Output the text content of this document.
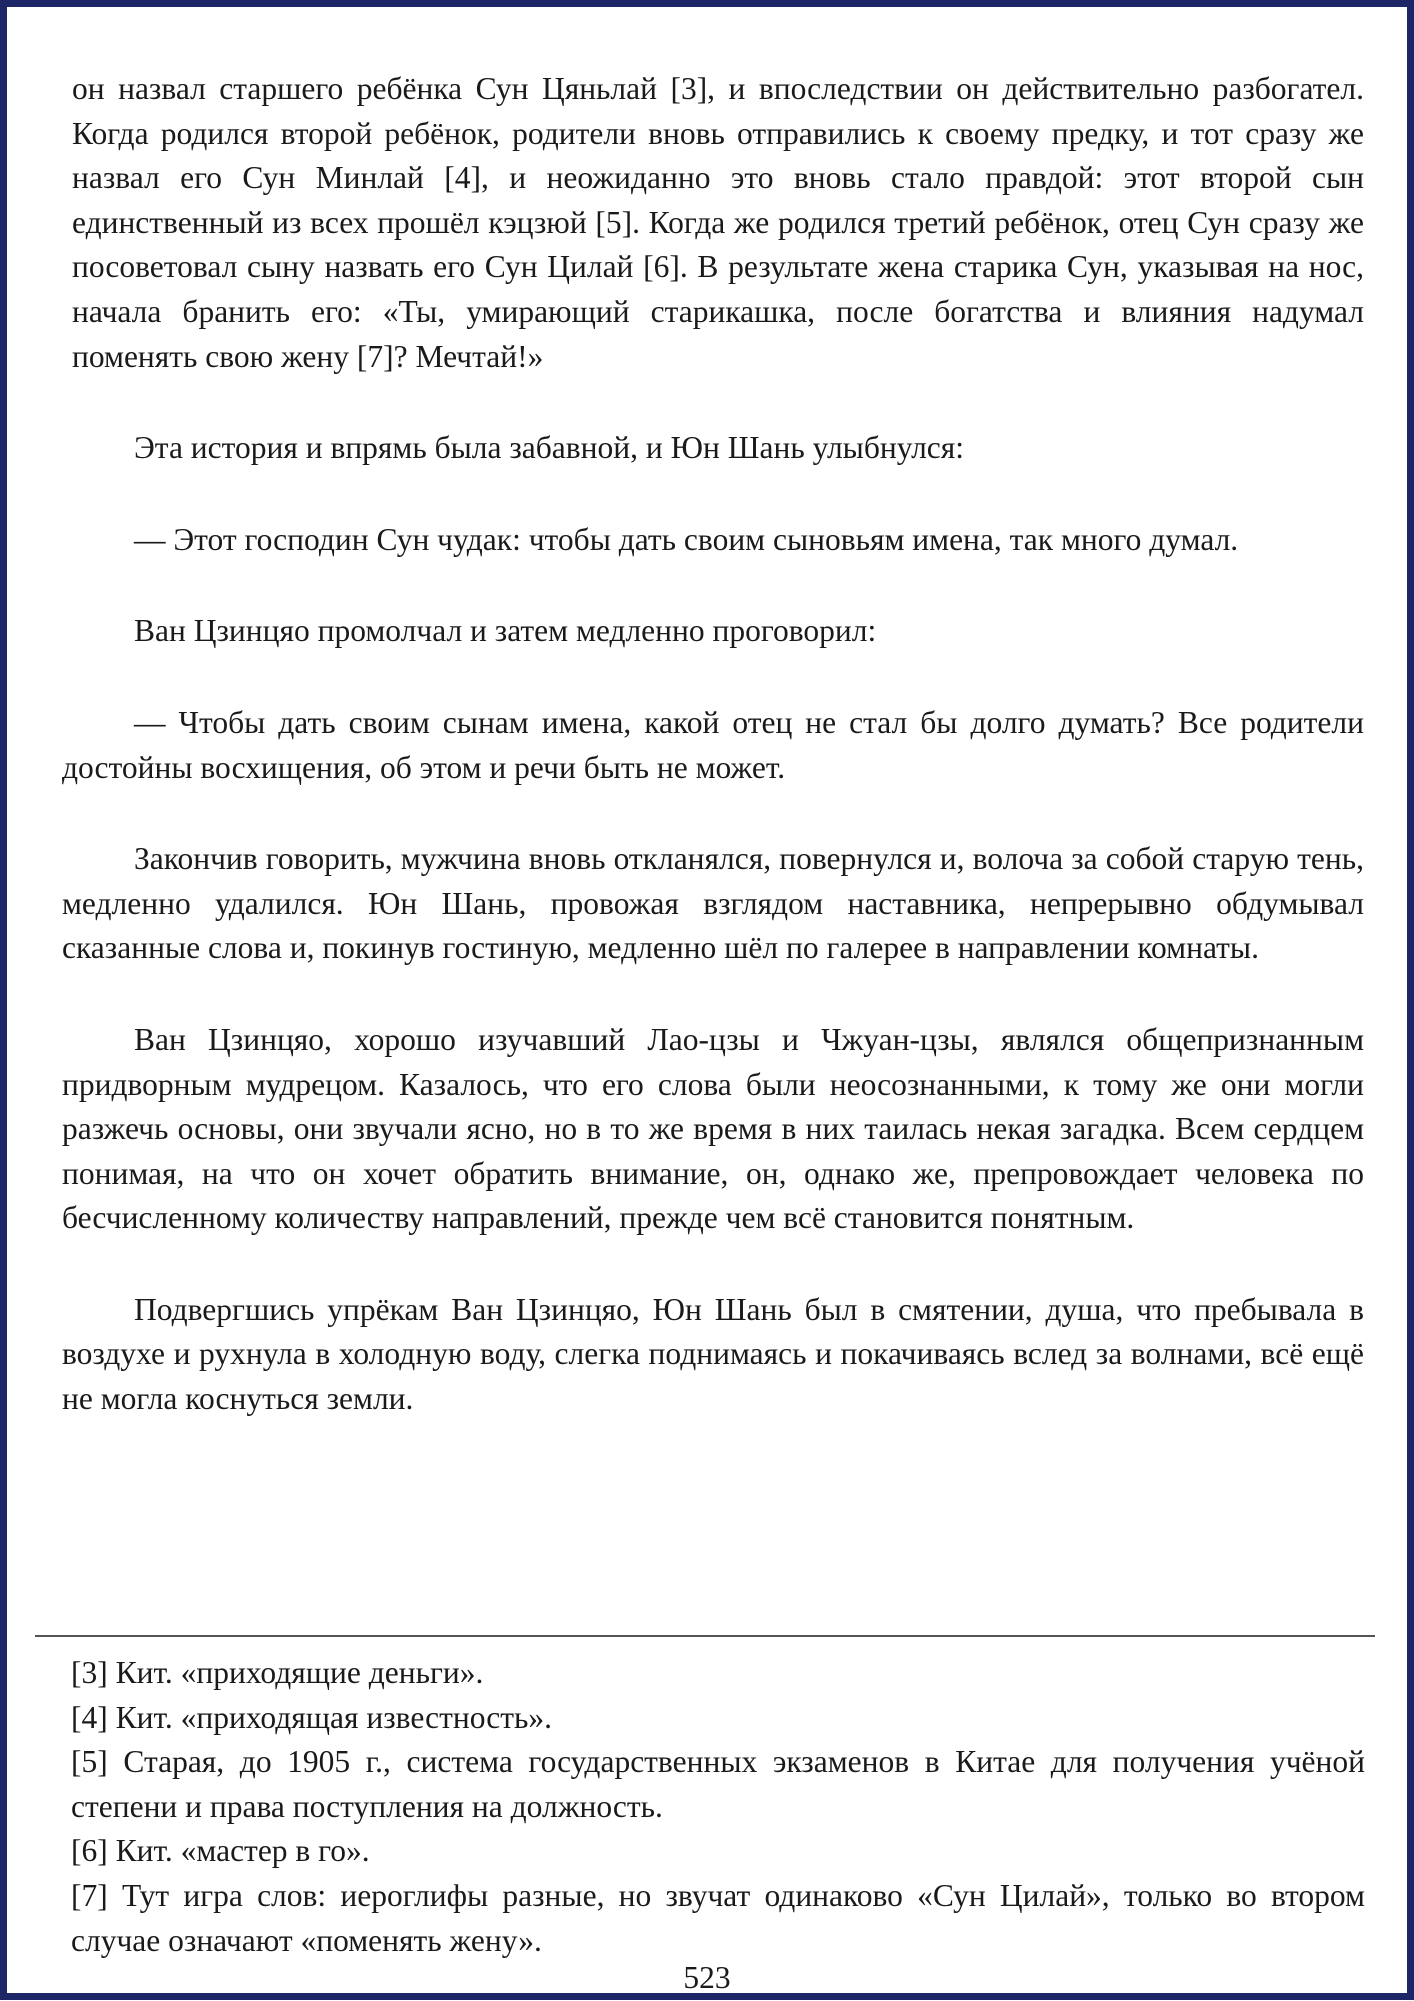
он назвал старшего ребёнка Сун Цяньлай [3], и впоследствии он действительно разбогател. Когда родился второй ребёнок, родители вновь отправились к своему предку, и тот сразу же назвал его Сун Минлай [4], и неожиданно это вновь стало правдой: этот второй сын единственный из всех прошёл кэцзюй [5]. Когда же родился третий ребёнок, отец Сун сразу же посоветовал сыну назвать его Сун Цилай [6]. В результате жена старика Сун, указывая на нос, начала бранить его: «Ты, умирающий старикашка, после богатства и влияния надумал поменять свою жену [7]? Мечтай!»

Эта история и впрямь была забавной, и Юн Шань улыбнулся:

— Этот господин Сун чудак: чтобы дать своим сыновьям имена, так много думал.

Ван Цзинцяо промолчал и затем медленно проговорил:

— Чтобы дать своим сынам имена, какой отец не стал бы долго думать? Все родители достойны восхищения, об этом и речи быть не может.

Закончив говорить, мужчина вновь откланялся, повернулся и, волоча за собой старую тень, медленно удалился. Юн Шань, провожая взглядом наставника, непрерывно обдумывал сказанные слова и, покинув гостиную, медленно шёл по галерее в направлении комнаты.

Ван Цзинцяо, хорошо изучавший Лао-цзы и Чжуан-цзы, являлся общепризнанным придворным мудрецом. Казалось, что его слова были неосознанными, к тому же они могли разжечь основы, они звучали ясно, но в то же время в них таилась некая загадка. Всем сердцем понимая, на что он хочет обратить внимание, он, однако же, препровождает человека по бесчисленному количеству направлений, прежде чем всё становится понятным.

Подвергшись упрёкам Ван Цзинцяо, Юн Шань был в смятении, душа, что пребывала в воздухе и рухнула в холодную воду, слегка поднимаясь и покачиваясь вслед за волнами, всё ещё не могла коснуться земли.

[3] Кит. «приходящие деньги».

[4] Кит. «приходящая известность».

[5] Старая, до 1905 г., система государственных экзаменов в Китае для получения учёной степени и права поступления на должность.

[6] Кит. «мастер в го».

[7] Тут игра слов: иероглифы разные, но звучат одинаково «Сун Цилай», только во втором случае означают «поменять жену».

523
